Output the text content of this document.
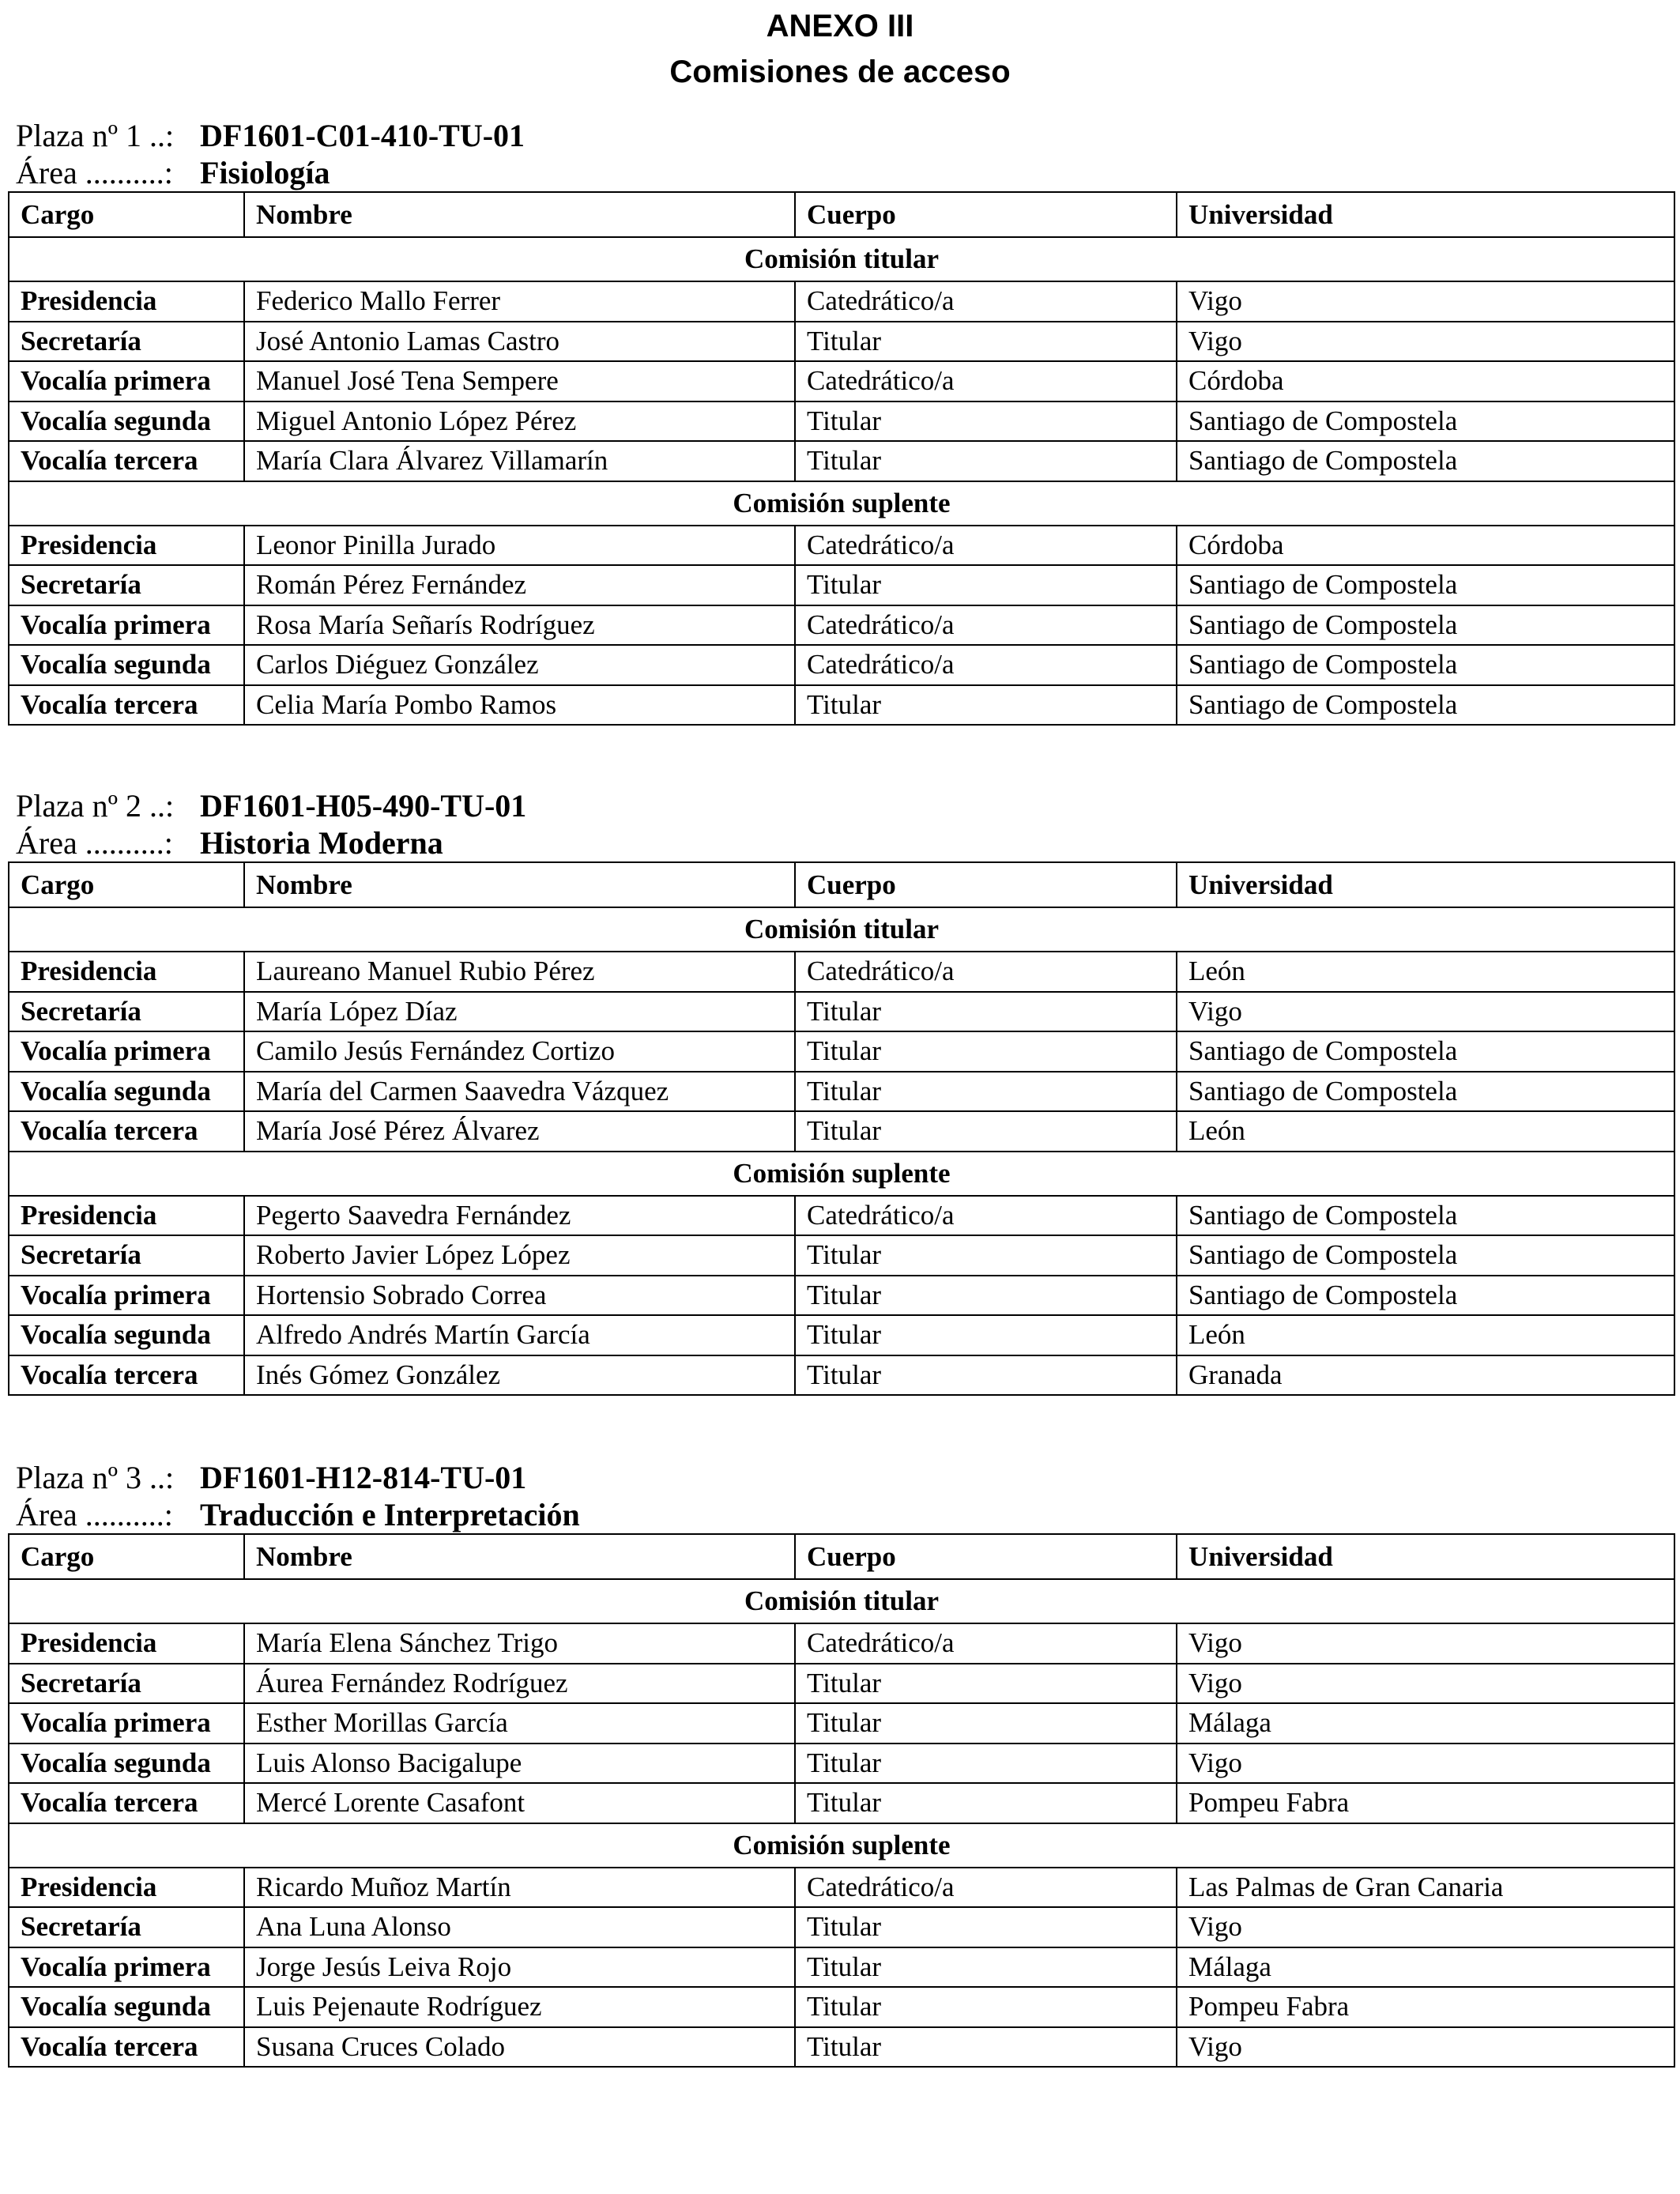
ANEXO III
Comisiones de acceso
Plaza nº 1 ..: DF1601-C01-410-TU-01
Área ..........: Fisiología
Cargo	Nombre	Cuerpo	Universidad
Comisión titular			
Presidencia	Federico Mallo Ferrer	Catedrático/a	Vigo
Secretaría	José Antonio Lamas Castro	Titular	Vigo
Vocalía primera	Manuel José Tena Sempere	Catedrático/a	Córdoba
Vocalía segunda	Miguel Antonio López Pérez	Titular	Santiago de Compostela
Vocalía tercera	María Clara Álvarez Villamarín	Titular	Santiago de Compostela
Comisión suplente			
Presidencia	Leonor Pinilla Jurado	Catedrático/a	Córdoba
Secretaría	Román Pérez Fernández	Titular	Santiago de Compostela
Vocalía primera	Rosa María Señarís Rodríguez	Catedrático/a	Santiago de Compostela
Vocalía segunda	Carlos Diéguez González	Catedrático/a	Santiago de Compostela
Vocalía tercera	Celia María Pombo Ramos	Titular	Santiago de Compostela
Plaza nº 2 ..: DF1601-H05-490-TU-01
Área ..........: Historia Moderna
Cargo	Nombre	Cuerpo	Universidad
Comisión titular			
Presidencia	Laureano Manuel Rubio Pérez	Catedrático/a	León
Secretaría	María López Díaz	Titular	Vigo
Vocalía primera	Camilo Jesús Fernández Cortizo	Titular	Santiago de Compostela
Vocalía segunda	María del Carmen Saavedra Vázquez	Titular	Santiago de Compostela
Vocalía tercera	María José Pérez Álvarez	Titular	León
Comisión suplente			
Presidencia	Pegerto Saavedra Fernández	Catedrático/a	Santiago de Compostela
Secretaría	Roberto Javier López López	Titular	Santiago de Compostela
Vocalía primera	Hortensio Sobrado Correa	Titular	Santiago de Compostela
Vocalía segunda	Alfredo Andrés Martín García	Titular	León
Vocalía tercera	Inés Gómez González	Titular	Granada
Plaza nº 3 ..: DF1601-H12-814-TU-01
Área ..........: Traducción e Interpretación
Cargo	Nombre	Cuerpo	Universidad
Comisión titular			
Presidencia	María Elena Sánchez Trigo	Catedrático/a	Vigo
Secretaría	Áurea Fernández Rodríguez	Titular	Vigo
Vocalía primera	Esther Morillas García	Titular	Málaga
Vocalía segunda	Luis Alonso Bacigalupe	Titular	Vigo
Vocalía tercera	Mercé Lorente Casafont	Titular	Pompeu Fabra
Comisión suplente			
Presidencia	Ricardo Muñoz Martín	Catedrático/a	Las Palmas de Gran Canaria
Secretaría	Ana Luna Alonso	Titular	Vigo
Vocalía primera	Jorge Jesús Leiva Rojo	Titular	Málaga
Vocalía segunda	Luis Pejenaute Rodríguez	Titular	Pompeu Fabra
Vocalía tercera	Susana Cruces Colado	Titular	Vigo
